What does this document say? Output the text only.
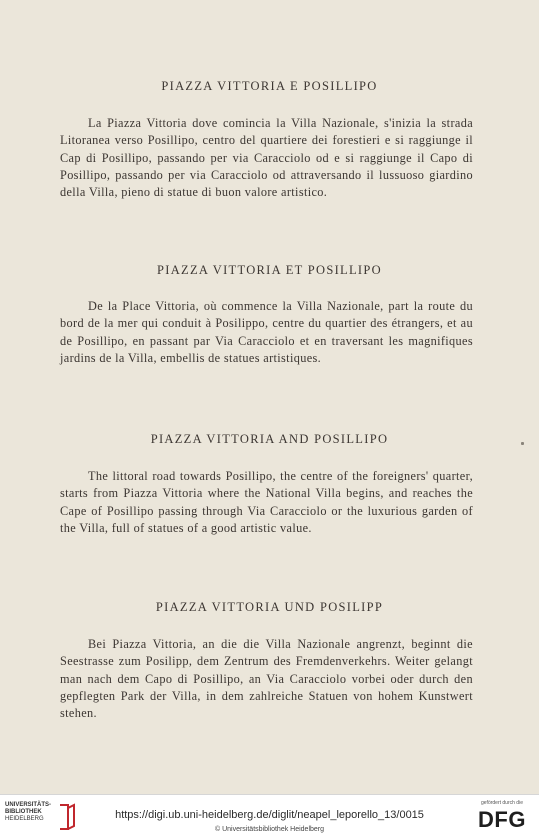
PIAZZA VITTORIA E POSILLIPO
La Piazza Vittoria dove comincia la Villa Nazionale, s'inizia la strada Litoranea verso Posillipo, centro del quartiere dei forestieri e si raggiunge il Cap di Posillipo, passando per via Caracciolo od e si raggiunge il Capo di Posillipo, passando per via Caracciolo od attraversando il lussuoso giardino della Villa, pieno di statue di buon valore artistico.
PIAZZA VITTORIA ET POSILLIPO
De la Place Vittoria, où commence la Villa Nazionale, part la route du bord de la mer qui conduit à Posilippo, centre du quartier des étrangers, et au de Posillipo, en passant par Via Caracciolo et en traversant les magnifiques jardins de la Villa, embellis de statues artistiques.
PIAZZA VITTORIA AND POSILLIPO
The littoral road towards Posillipo, the centre of the foreigners' quarter, starts from Piazza Vittoria where the National Villa begins, and reaches the Cape of Posillipo passing through Via Caracciolo or the luxurious garden of the Villa, full of statues of a good artistic value.
PIAZZA VITTORIA UND POSILIPP
Bei Piazza Vittoria, an die die Villa Nazionale angrenzt, beginnt die Seestrasse zum Posilipp, dem Zentrum des Fremdenverkehrs. Weiter gelangt man nach dem Capo di Posillipo, an Via Caracciolo vorbei oder durch den gepflegten Park der Villa, in dem zahlreiche Statuen von hohem Kunstwert stehen.
UNIVERSITÄTS-
BIBLIOTHEK
HEIDELBERG	https://digi.ub.uni-heidelberg.de/diglit/neapel_leporello_13/0015
© Universitätsbibliothek Heidelberg
gefördert durch die
DFG
